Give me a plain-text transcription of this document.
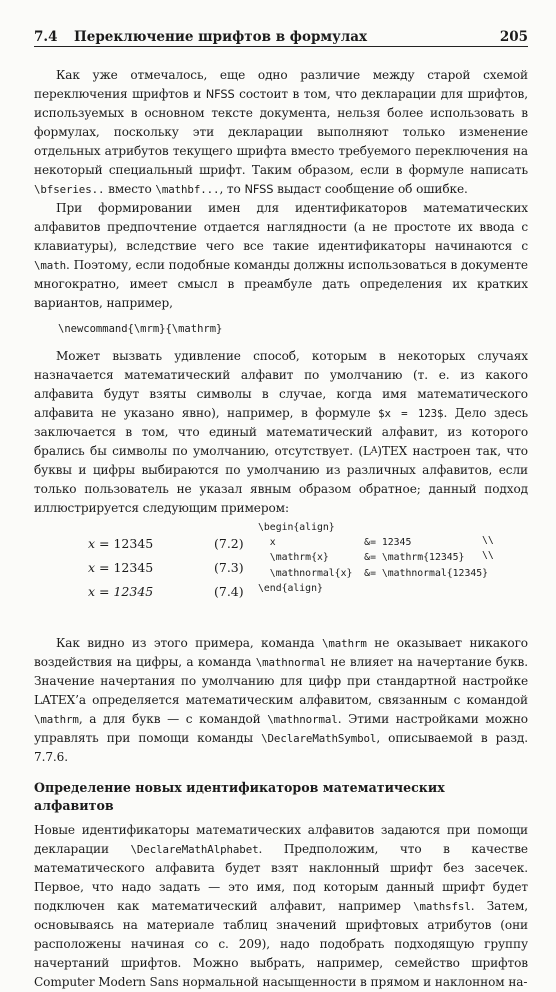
7.4	Переключение шрифтов в формулах	205

Как уже отмечалось, еще одно различие между старой схемой переключения шрифтов и NFSS состоит в том, что декларации для шрифтов, используемых в основном тексте документа, нельзя более использовать в формулах, поскольку эти декларации выполняют только изменение отдельных атрибутов текущего шрифта вместо требуемого переключения на некоторый специальный шрифт. Таким образом, если в формуле написать \bfseries.. вместо \mathbf..., то NFSS выдаст сообщение об ошибке.

При формировании имен для идентификаторов математических алфавитов предпочтение отдается наглядности (а не простоте их ввода с клавиатуры), вследствие чего все такие идентификаторы начинаются с \math. Поэтому, если подобные команды должны использоваться в документе многократно, имеет смысл в преамбуле дать определения их кратких вариантов, например,

\newcommand{\mrm}{\mathrm}

Может вызвать удивление способ, которым в некоторых случаях назначается математический алфавит по умолчанию (т. е. из какого алфавита будут взяты символы в случае, когда имя математического алфавита не указано явно), например, в формуле $x = 123$. Дело здесь заключается в том, что единый математический алфавит, из которого брались бы символы по умолчанию, отсутствует. (LA)TEX настроен так, что буквы и цифры выбираются по умолчанию из различных алфавитов, если только пользователь не указал явным образом обратное; данный подход иллюстрируется следующим примером:

x = 12345	(7.2)
x = 12345	(7.3)
x = 12345	(7.4)
\begin{align}
x               &= 12345
\mathrm{x}      &= \mathrm{12345}
\mathnormal{x}  &= \mathnormal{12345}
\end{align}
\\
\\

Как видно из этого примера, команда \mathrm не оказывает никакого воздействия на цифры, а команда \mathnormal не влияет на начертание букв. Значение начертания по умолчанию для цифр при стандартной настройке LATEX’а определяется математическим алфавитом, связанным с командой \mathrm, а для букв — с командой \mathnormal. Этими настройками можно управлять при помощи команды \DeclareMathSymbol, описываемой в разд. 7.7.6.

Определение новых идентификаторов математических алфавитов

Новые идентификаторы математических алфавитов задаются при помощи декларации \DeclareMathAlphabet. Предположим, что в качестве математического алфавита будет взят наклонный шрифт без засечек. Первое, что надо задать — это имя, под которым данный шрифт будет подключен как математический алфавит, например \mathsfsl. Затем, основываясь на материале таблиц значений шрифтовых атрибутов (они расположены начиная со с. 209), надо подобрать подходящую группу начертаний шрифтов. Можно выбрать, например, семейство шрифтов Computer Modern Sans нормальной насыщенности в прямом и наклонном на-
